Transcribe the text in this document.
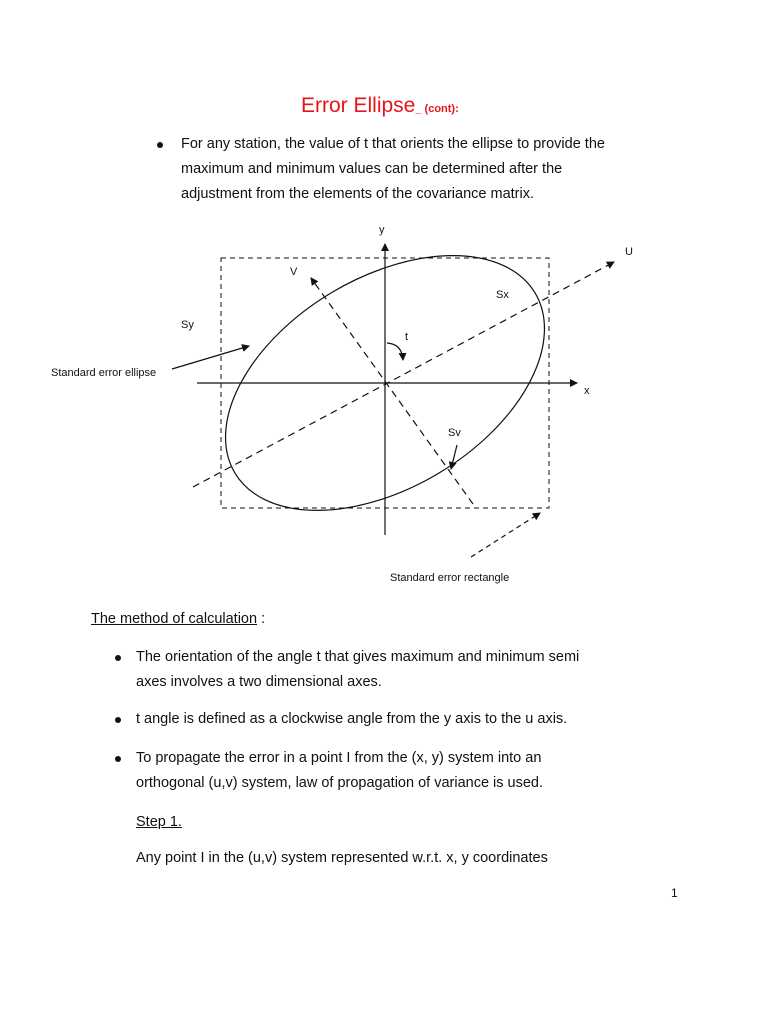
Error Ellipse_ (cont):
For any station, the value of t that orients the ellipse to provide the
maximum and minimum values can be determined after the
adjustment from the elements of the covariance matrix.
y
x
U
V
Sx
Sy
Sv
t
Standard error ellipse
Standard error rectangle
The method of calculation :
The orientation of the angle t that gives maximum and minimum semi
axes involves a two dimensional axes.
t angle is defined as a clockwise angle from the y axis to the u axis.
To propagate the error in a point I from the (x, y) system into an
orthogonal (u,v) system, law of propagation of variance is used.
Step 1.
Any point I in the (u,v) system represented w.r.t. x, y coordinates
1
